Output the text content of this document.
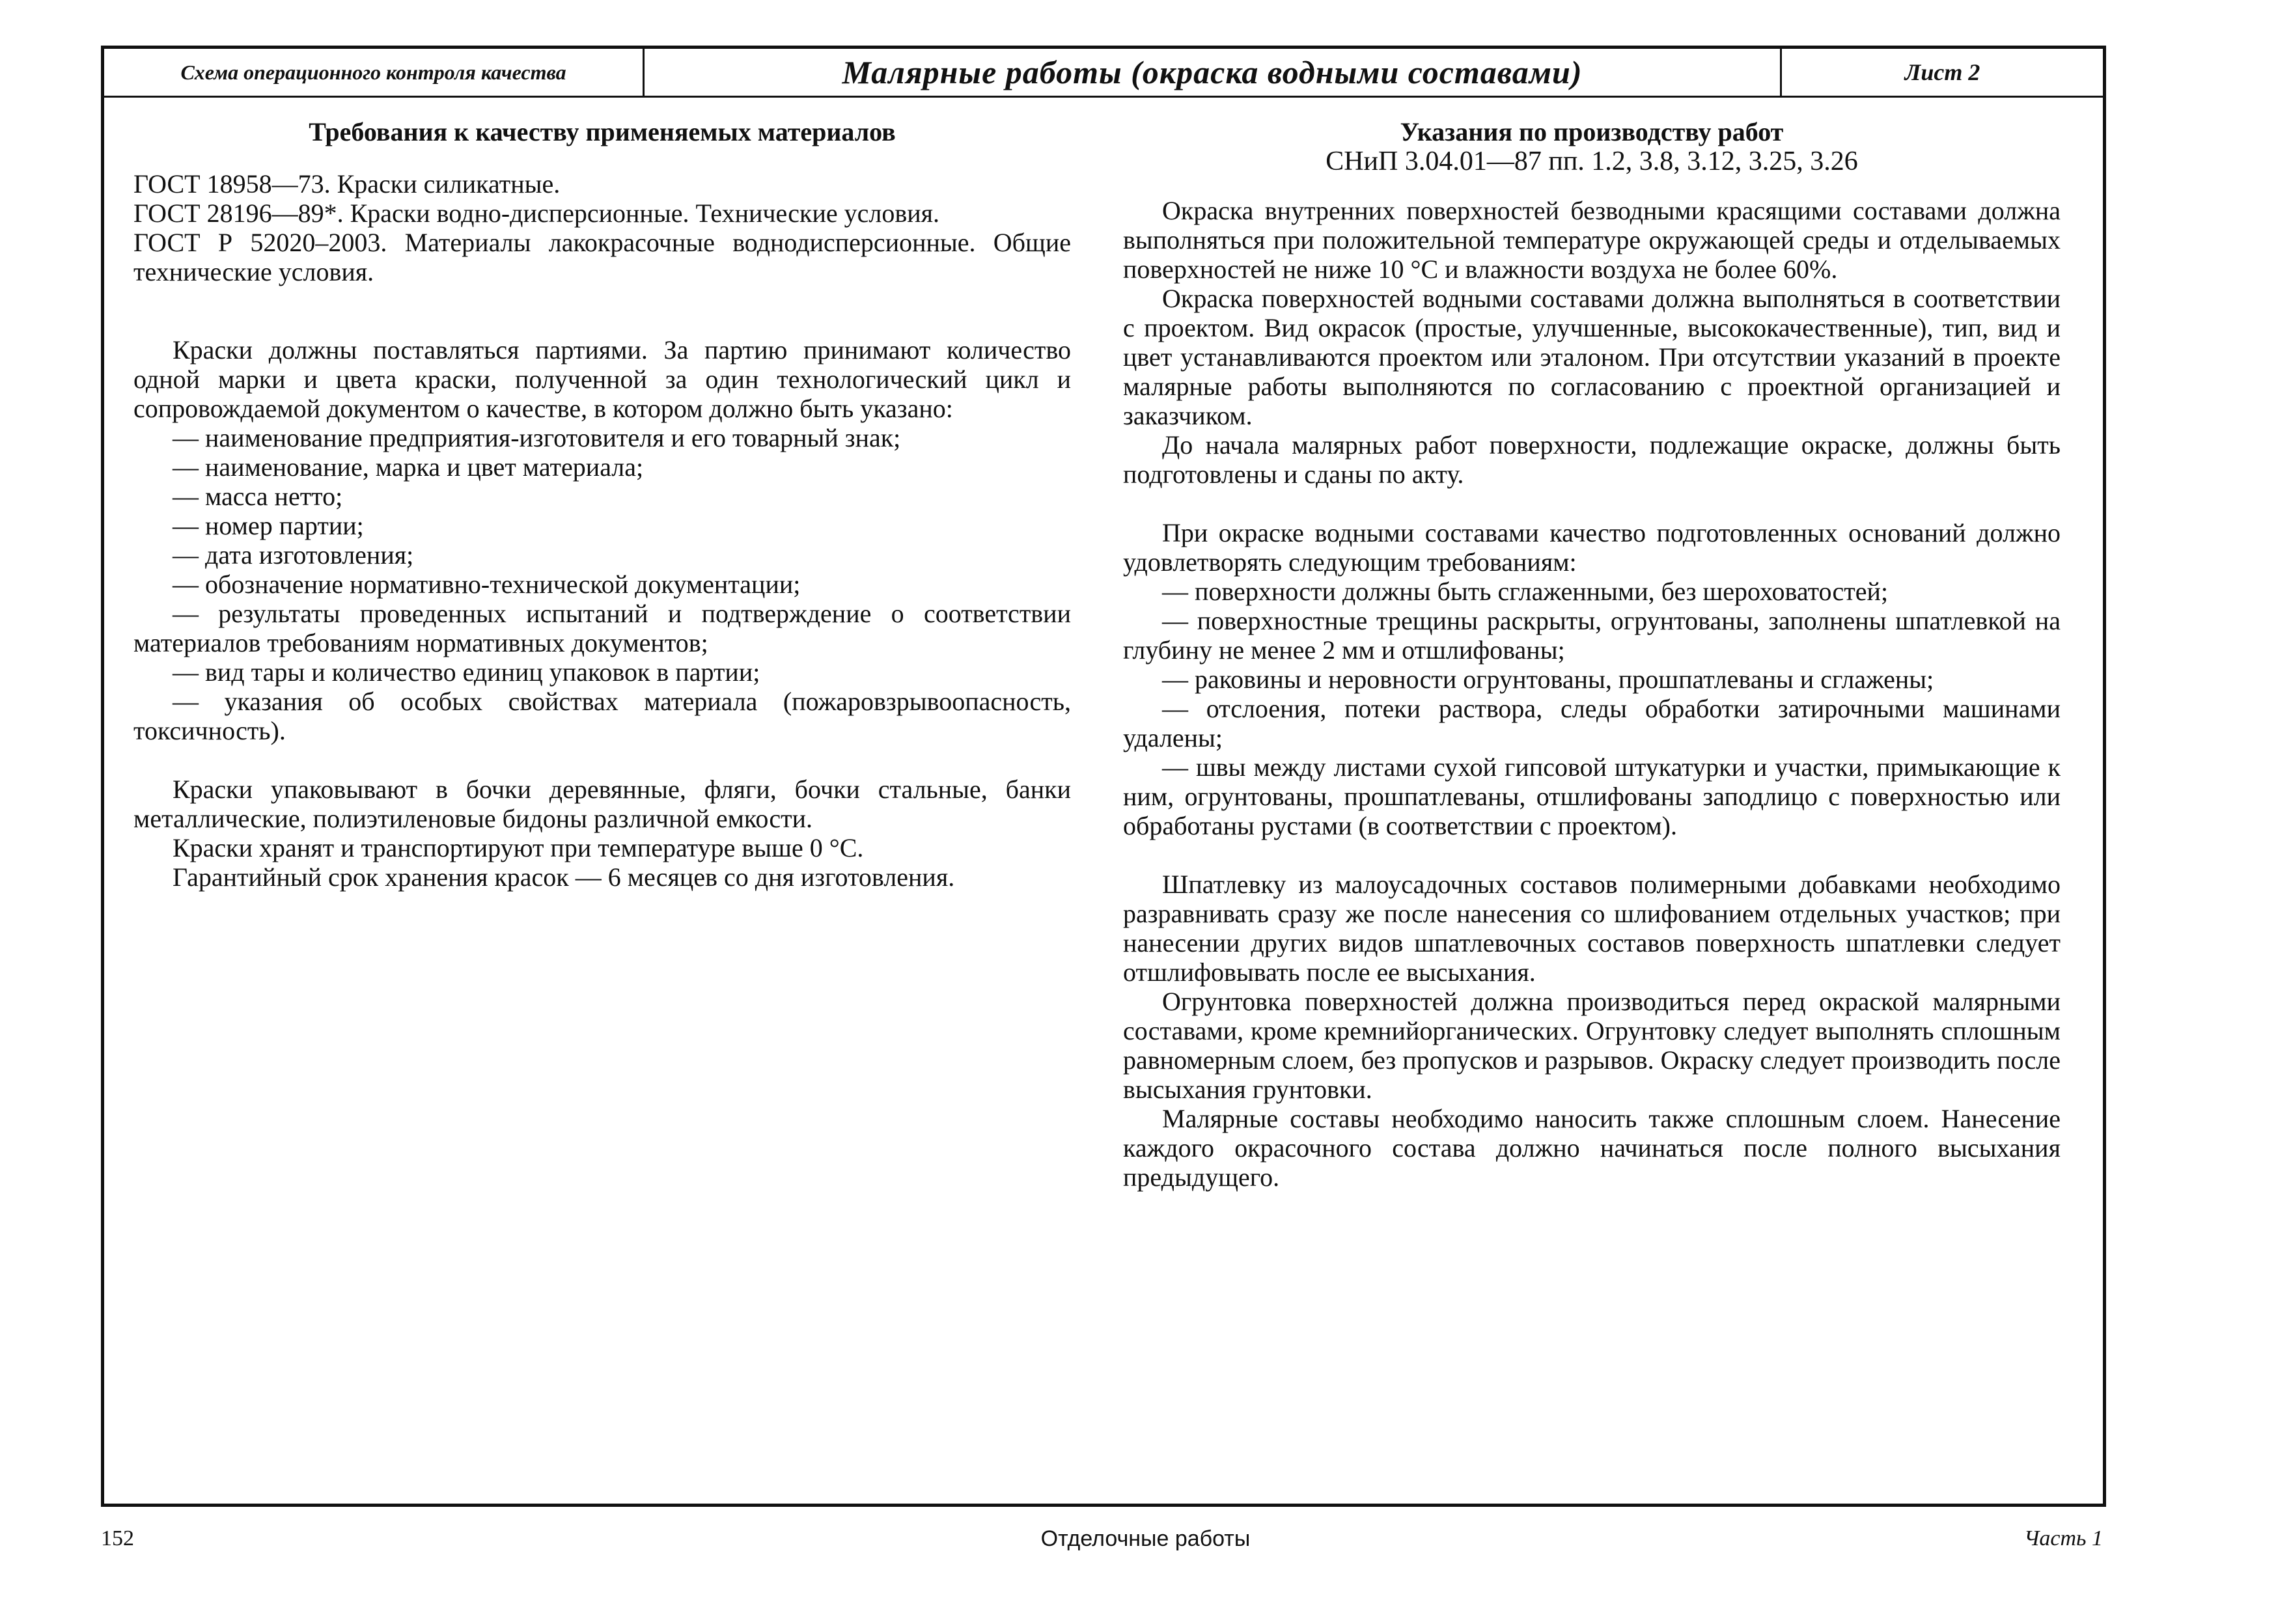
Схема операционного контроля качества	Малярные работы (окраска водными составами)	Лист 2

Требования к качеству применяемых материалов

ГОСТ 18958—73. Краски силикатные.

ГОСТ 28196—89*. Краски водно-дисперсионные. Технические условия.

ГОСТ Р 52020–2003. Материалы лакокрасочные воднодисперсионные. Общие технические условия.

Краски должны поставляться партиями. За партию принимают количество одной марки и цвета краски, полученной за один технологический цикл и сопровождаемой документом о качестве, в котором должно быть указано:

— наименование предприятия-изготовителя и его товарный знак;

— наименование, марка и цвет материала;

— масса нетто;

— номер партии;

— дата изготовления;

— обозначение нормативно-технической документации;

— результаты проведенных испытаний и подтверждение о соответствии материалов требованиям нормативных документов;

— вид тары и количество единиц упаковок в партии;

— указания об особых свойствах материала (пожаровзрывоопасность, токсичность).

Краски упаковывают в бочки деревянные, фляги, бочки стальные, банки металлические, полиэтиленовые бидоны различной емкости.

Краски хранят и транспортируют при температуре выше 0 °С.

Гарантийный срок хранения красок — 6 месяцев со дня изготовления.

Указания по производству работ

СНиП 3.04.01—87 пп. 1.2, 3.8, 3.12, 3.25, 3.26

Окраска внутренних поверхностей безводными красящими составами должна выполняться при положительной температуре окружающей среды и отделываемых поверхностей не ниже 10 °С и влажности воздуха не более 60%.

Окраска поверхностей водными составами должна выполняться в соответствии с проектом. Вид окрасок (простые, улучшенные, высококачественные), тип, вид и цвет устанавливаются проектом или эталоном. При отсутствии указаний в проекте малярные работы выполняются по согласованию с проектной организацией и заказчиком.

До начала малярных работ поверхности, подлежащие окраске, должны быть подготовлены и сданы по акту.

При окраске водными составами качество подготовленных оснований должно удовлетворять следующим требованиям:

— поверхности должны быть сглаженными, без шероховатостей;

— поверхностные трещины раскрыты, огрунтованы, заполнены шпатлевкой на глубину не менее 2 мм и отшлифованы;

— раковины и неровности огрунтованы, прошпатлеваны и сглажены;

— отслоения, потеки раствора, следы обработки затирочными машинами удалены;

— швы между листами сухой гипсовой штукатурки и участки, примыкающие к ним, огрунтованы, прошпатлеваны, отшлифованы заподлицо с поверхностью или обработаны рустами (в соответствии с проектом).

Шпатлевку из малоусадочных составов полимерными добавками необходимо разравнивать сразу же после нанесения со шлифованием отдельных участков; при нанесении других видов шпатлевочных составов поверхность шпатлевки следует отшлифовывать после ее высыхания.

Огрунтовка поверхностей должна производиться перед окраской малярными составами, кроме кремнийорганических. Огрунтовку следует выполнять сплошным равномерным слоем, без пропусков и разрывов. Окраску следует производить после высыхания грунтовки.

Малярные составы необходимо наносить также сплошным слоем. Нанесение каждого окрасочного состава должно начинаться после полного высыхания предыдущего.

152	Отделочные работы	Часть 1
